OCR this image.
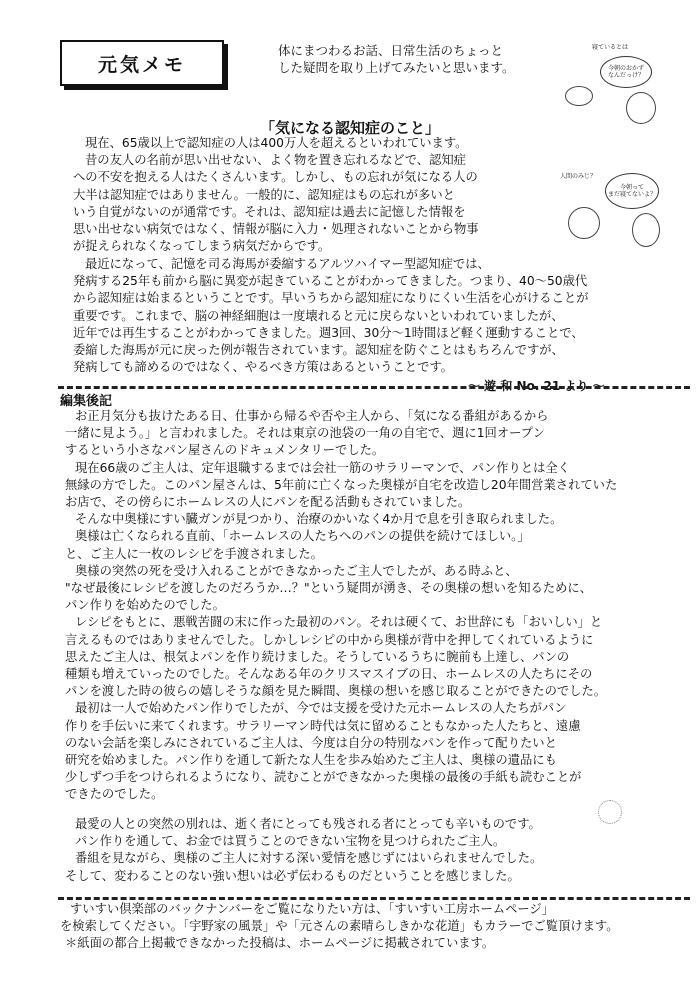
元気メモ
体にまつわるお話、日常生活のちょっと
した疑問を取り上げてみたいと思います。
寝ているとは
今朝のおかず
なんだっけ？
人間のみじ？
今朝って
まだ寝てないよ？
「気になる認知症のこと」
現在、65歳以上で認知症の人は400万人を超えるといわれています。
昔の友人の名前が思い出せない、よく物を置き忘れるなどで、認知症
への不安を抱える人はたくさんいます。しかし、もの忘れが気になる人の
大半は認知症ではありません。一般的に、認知症はもの忘れが多いと
いう自覚がないのが通常です。それは、認知症は過去に記憶した情報を
思い出せない病気ではなく、情報が脳に入力・処理されないことから物事
が捉えられなくなってしまう病気だからです。
最近になって、記憶を司る海馬が委縮するアルツハイマー型認知症では、
発病する25年も前から脳に異変が起きていることがわかってきました。つまり、40～50歳代
から認知症は始まるということです。早いうちから認知症になりにくい生活を心がけることが
重要です。これまで、脳の神経細胞は一度壊れると元に戻らないといわれていましたが、
近年では再生することがわかってきました。週3回、30分～1時間ほど軽く運動することで、
委縮した海馬が元に戻った例が報告されています。認知症を防ぐことはもちろんですが、
発病しても諦めるのではなく、やるべき方策はあるということです。
～ 遊 和 No. 21 より ～
編集後記
お正月気分も抜けたある日、仕事から帰るや否や主人から、「気になる番組があるから
一緒に見よう。」と言われました。それは東京の池袋の一角の自宅で、週に1回オープン
するという小さなパン屋さんのドキュメンタリーでした。
現在66歳のご主人は、定年退職するまでは会社一筋のサラリーマンで、パン作りとは全く
無縁の方でした。このパン屋さんは、5年前に亡くなった奥様が自宅を改造し20年間営業されていた
お店で、その傍らにホームレスの人にパンを配る活動もされていました。
そんな中奥様にすい臓ガンが見つかり、治療のかいなく4か月で息を引き取られました。
奥様は亡くなられる直前、「ホームレスの人たちへのパンの提供を続けてほしい。」
と、ご主人に一枚のレシピを手渡されました。
奥様の突然の死を受け入れることができなかったご主人でしたが、ある時ふと、
"なぜ最後にレシピを渡したのだろうか…？"という疑問が湧き、その奥様の想いを知るために、
パン作りを始めたのでした。
レシピをもとに、悪戦苦闘の末に作った最初のパン。それは硬くて、お世辞にも「おいしい」と
言えるものではありませんでした。しかしレシピの中から奥様が背中を押してくれているように
思えたご主人は、根気よパンを作り続けました。そうしているうちに腕前も上達し、パンの
種類も増えていったのでした。そんなある年のクリスマスイブの日、ホームレスの人たちにその
パンを渡した時の彼らの嬉しそうな顔を見た瞬間、奥様の想いを感じ取ることができたのでした。
最初は一人で始めたパン作りでしたが、今では支援を受けた元ホームレスの人たちがパン
作りを手伝いに来てくれます。サラリーマン時代は気に留めることもなかった人たちと、遠慮
のない会話を楽しみにされているご主人は、今度は自分の特別なパンを作って配りたいと
研究を始めました。パン作りを通して新たな人生を歩み始めたご主人は、奥様の遺品にも
少しずつ手をつけられるようになり、読むことができなかった奥様の最後の手紙も読むことが
できたのでした。
最愛の人との突然の別れは、逝く者にとっても残される者にとっても辛いものです。
パン作りを通して、お金では買うことのできない宝物を見つけられたご主人。
番組を見ながら、奥様のご主人に対する深い愛情を感じずにはいられませんでした。
そして、変わることのない強い想いは必ず伝わるものだということを感じました。
すいすい倶楽部のバックナンバーをご覧になりたい方は、「すいすい工房ホームページ」
を検索してください。「宇野家の風景」や「元さんの素晴らしきかな花道」もカラーでご覧頂けます。
＊紙面の都合上掲載できなかった投稿は、ホームページに掲載されています。
